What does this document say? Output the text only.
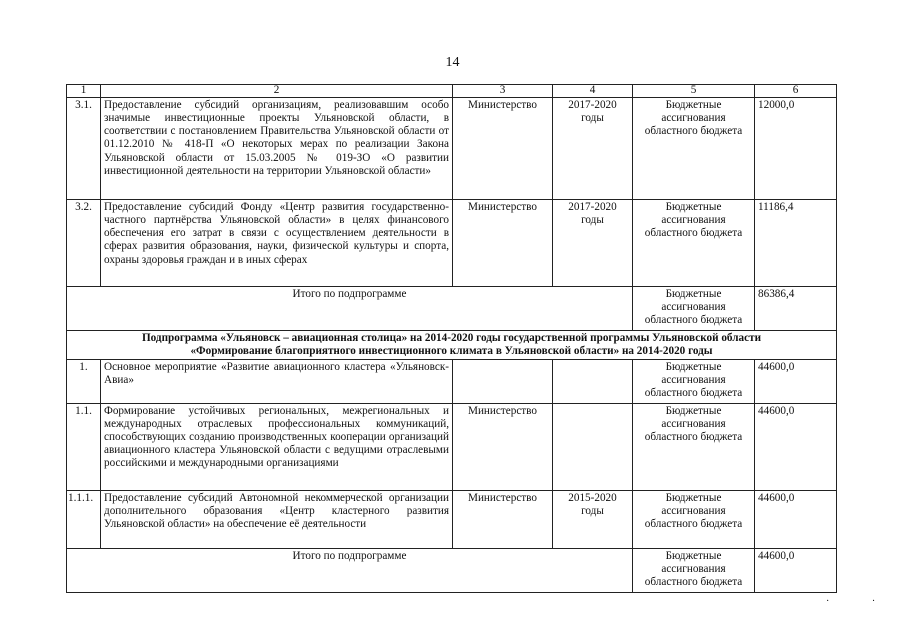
14
1	2	3	4	5	6
3.1.	Предоставление субсидий организациям, реализовавшим особо значимые инвестиционные проекты Ульяновской области, в соответствии с постановлением Правительства Ульяновской области от 01.12.2010 № 418-П «О некоторых мерах по реализации Закона Ульяновской области от 15.03.2005 № 019-ЗО «О развитии инвестиционной деятельности на территории Ульяновской области»	Министерство	2017-2020 годы	Бюджетные ассигнования областного бюджета	12000,0
3.2.	Предоставление субсидий Фонду «Центр развития государственно-частного партнёрства Ульяновской области» в целях финансового обеспечения его затрат в связи с осуществлением деятельности в сферах развития образования, науки, физической культуры и спорта, охраны здоровья граждан и в иных сферах	Министерство	2017-2020 годы	Бюджетные ассигнования областного бюджета	11186,4
Итого по подпрограмме				Бюджетные ассигнования областного бюджета	86386,4

Подпрограмма «Ульяновск – авиационная столица» на 2014-2020 годы государственной программы Ульяновской области
«Формирование благоприятного инвестиционного климата в Ульяновской области» на 2014-2020 годы					

1.	Основное мероприятие «Развитие авиационного кластера «Ульяновск-Авиа»			Бюджетные ассигнования областного бюджета	44600,0
1.1.	Формирование устойчивых региональных, межрегиональных и международных отраслевых профессиональных коммуникаций, способствующих созданию производственных кооперации организаций авиационного кластера Ульяновской области с ведущими отраслевыми российскими и международными организациями	Министерство		Бюджетные ассигнования областного бюджета	44600,0
1.1.1.	Предоставление субсидий Автономной некоммерческой организации дополнительного образования «Центр кластерного развития Ульяновской области» на обеспечение её деятельности	Министерство	2015-2020 годы	Бюджетные ассигнования областного бюджета	44600,0
Итого по подпрограмме				Бюджетные ассигнования областного бюджета	44600,0
· ·
